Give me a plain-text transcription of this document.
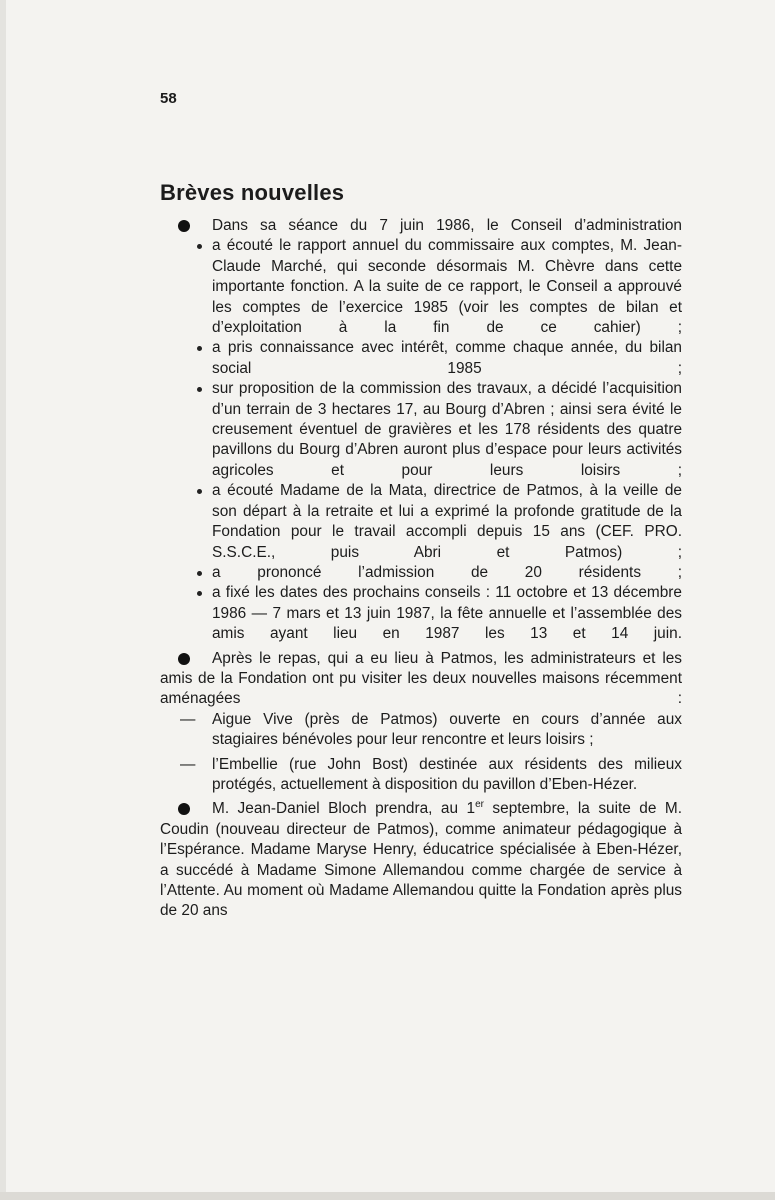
58
Brèves nouvelles

Dans sa séance du 7 juin 1986, le Conseil d’administration

a écouté le rapport annuel du commissaire aux comptes, M. Jean-Claude Marché, qui seconde désormais M. Chèvre dans cette importante fonction. A la suite de ce rapport, le Conseil a approuvé les comptes de l’exercice 1985 (voir les comptes de bilan et d’exploitation à la fin de ce cahier) ;

a pris connaissance avec intérêt, comme chaque année, du bilan social 1985 ;

sur proposition de la commission des travaux, a décidé l’acquisition d’un terrain de 3 hectares 17, au Bourg d’Abren ; ainsi sera évité le creusement éventuel de gravières et les 178 résidents des quatre pavillons du Bourg d’Abren auront plus d’espace pour leurs activités agricoles et pour leurs loisirs ;

a écouté Madame de la Mata, directrice de Patmos, à la veille de son départ à la retraite et lui a exprimé la profonde gratitude de la Fondation pour le travail accompli depuis 15 ans (CEF. PRO. S.S.C.E., puis Abri et Patmos) ;

a prononcé l’admission de 20 résidents ;

a fixé les dates des prochains conseils : 11 octobre et 13 décembre 1986 — 7 mars et 13 juin 1987, la fête annuelle et l’assemblée des amis ayant lieu en 1987 les 13 et 14 juin.

Après le repas, qui a eu lieu à Patmos, les administrateurs et les amis de la Fondation ont pu visiter les deux nouvelles maisons récemment aménagées :

— Aigue Vive (près de Patmos) ouverte en cours d’année aux stagiaires bénévoles pour leur rencontre et leurs loisirs ;

— l’Embellie (rue John Bost) destinée aux résidents des milieux protégés, actuellement à disposition du pavillon d’Eben-Hézer.

M. Jean-Daniel Bloch prendra, au 1er septembre, la suite de M. Coudin (nouveau directeur de Patmos), comme animateur pédagogique à l’Espérance. Madame Maryse Henry, éducatrice spécialisée à Eben-Hézer, a succédé à Madame Simone Allemandou comme chargée de service à l’Attente. Au moment où Madame Allemandou quitte la Fondation après plus de 20 ans
